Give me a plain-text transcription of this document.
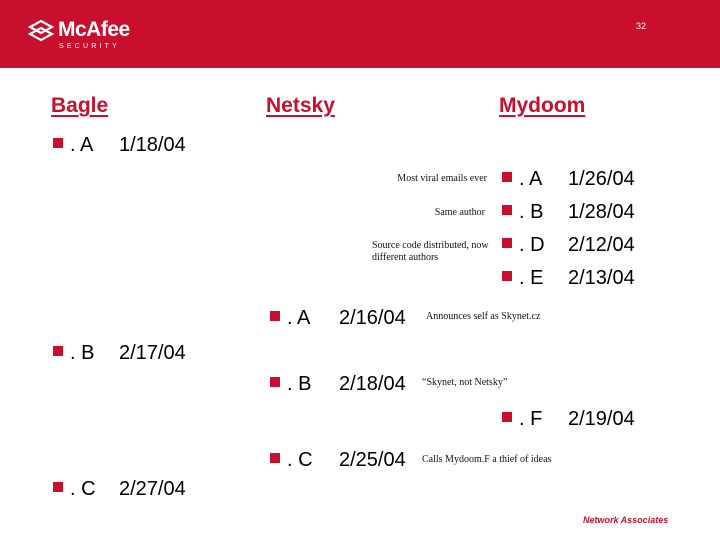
McAfee
SECURITY
32
Bagle	Netsky	Mydoom
. A 1/18/04
. B 2/17/04
. C 2/27/04
. A 2/16/04
. B 2/18/04
. C 2/25/04
. A 1/26/04
. B 1/28/04
. D 2/12/04
. E 2/13/04
. F 2/19/04
Most viral emails ever
Same author
Source code distributed, now different authors
Announces self as Skynet.cz
“Skynet, not Netsky”
Calls Mydoom.F a thief of ideas
Network Associates
